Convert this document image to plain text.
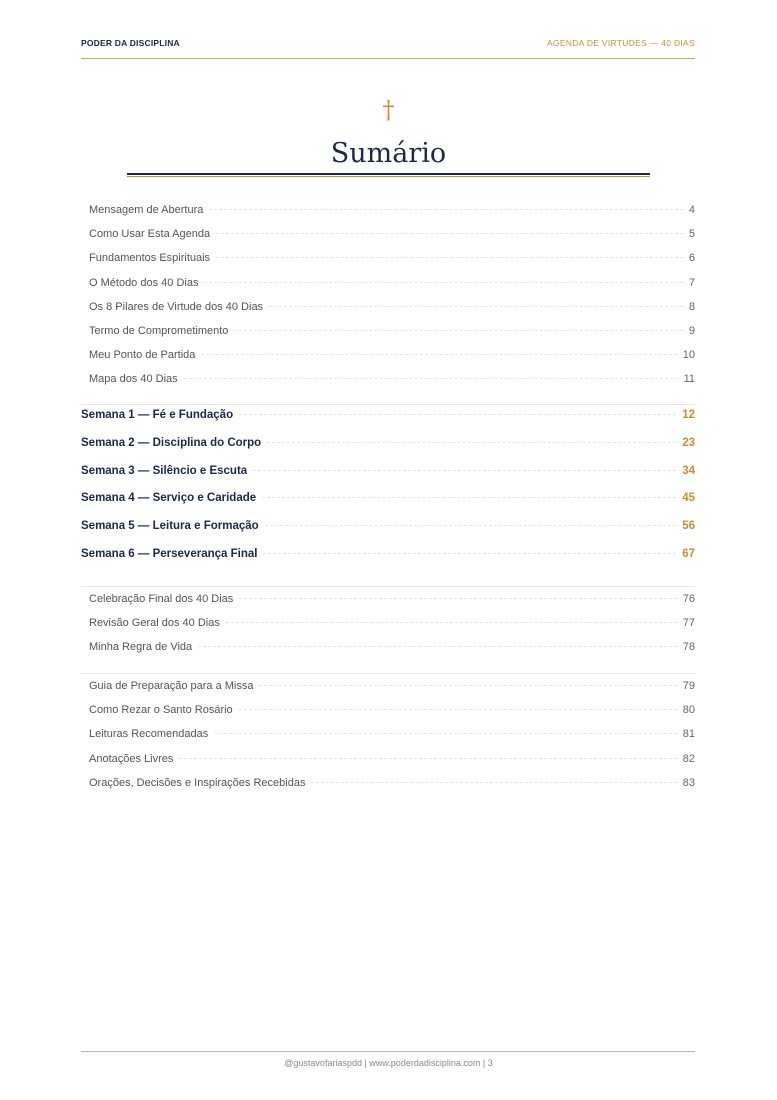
PODER DA DISCIPLINA	AGENDA DE VIRTUDES — 40 DIAS
†
Sumário
Mensagem de Abertura	4
Como Usar Esta Agenda	5
Fundamentos Espirituais	6
O Método dos 40 Dias	7
Os 8 Pilares de Virtude dos 40 Dias	8
Termo de Comprometimento	9
Meu Ponto de Partida	10
Mapa dos 40 Dias	11
Semana 1 — Fé e Fundação	12
Semana 2 — Disciplina do Corpo	23
Semana 3 — Silêncio e Escuta	34
Semana 4 — Serviço e Caridade	45
Semana 5 — Leitura e Formação	56
Semana 6 — Perseverança Final	67
Celebração Final dos 40 Dias	76
Revisão Geral dos 40 Dias	77
Minha Regra de Vida	78
Guia de Preparação para a Missa	79
Como Rezar o Santo Rosário	80
Leituras Recomendadas	81
Anotações Livres	82
Orações, Decisões e Inspirações Recebidas	83
@gustavofariaspdd | www.poderdadisciplina.com | 3
